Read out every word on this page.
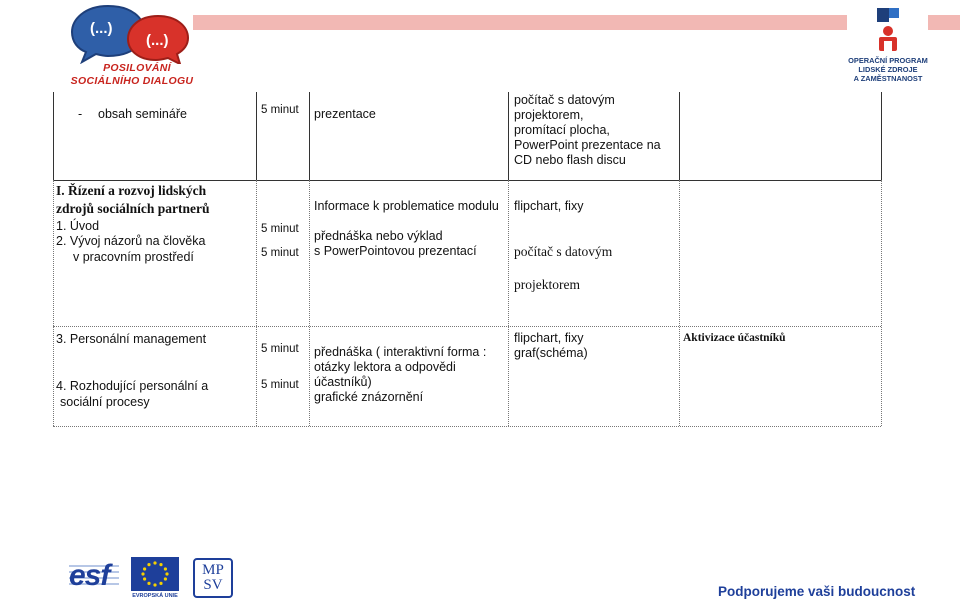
(...)
(...)
POSILOVÁNÍ
SOCIÁLNÍHO DIALOGU
OPERAČNÍ PROGRAM
LIDSKÉ ZDROJE
A ZAMĚSTNANOST
- obsah semináře	5 minut prezentace
počítač s datovým
projektorem,
promítací plocha,
PowerPoint prezentace na
CD nebo flash discu
I. Řízení a rozvoj lidských
zdrojů sociálních partnerů
1. Úvod
2. Vývoj názorů na člověka
v pracovním prostředí
5 minut
5 minut
Informace k problematice modulu
přednáška nebo výklad
s PowerPointovou prezentací
flipchart, fixy
počítač s datovým
projektorem
3. Personální management
4. Rozhodující personální a
sociální procesy
5 minut
5 minut
přednáška ( interaktivní forma :
otázky lektora a odpovědi
účastníků)
grafické znázornění
flipchart, fixy
graf(schéma)
Aktivizace účastníků
esf
EVROPSKÁ UNIE
MP
SV	Podporujeme vaši budoucnost
